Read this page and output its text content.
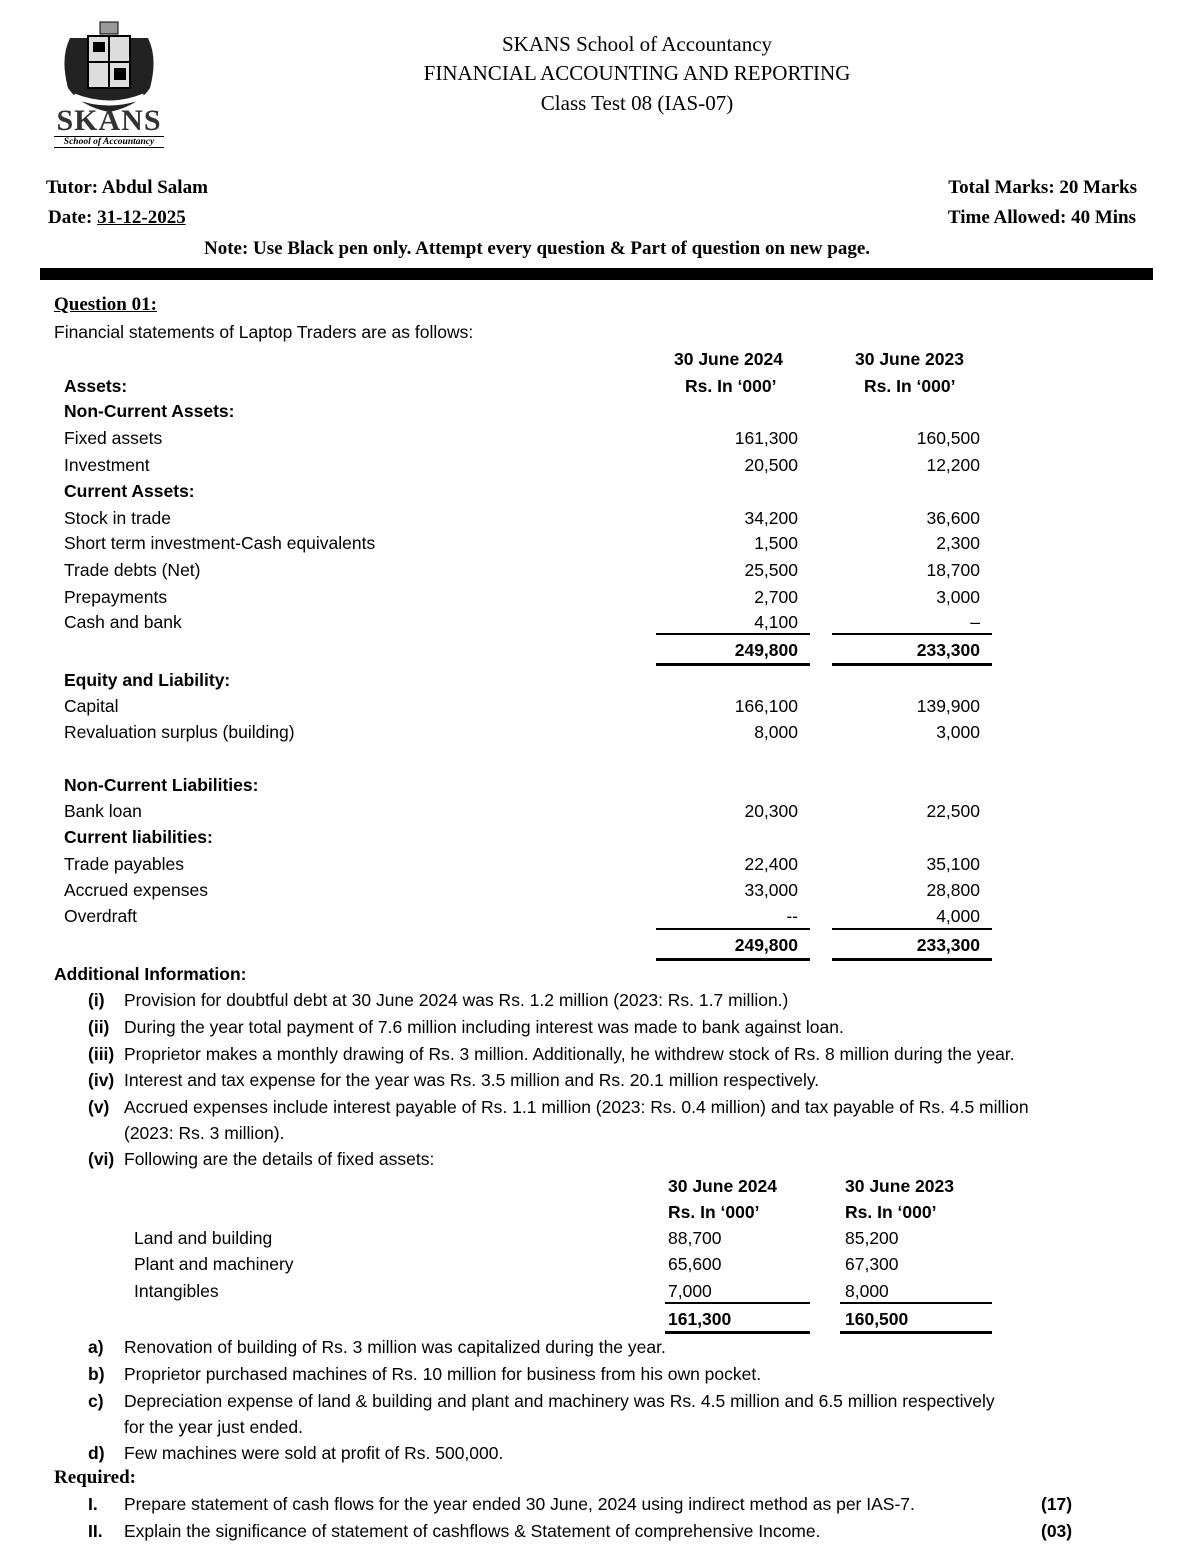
SKANS
School of Accountancy
SKANS School of Accountancy
FINANCIAL ACCOUNTING AND REPORTING
Class Test 08 (IAS-07)
Tutor: Abdul Salam
Date: 31-12-2025
Total Marks: 20 Marks
Time Allowed: 40 Mins
Note: Use Black pen only. Attempt every question & Part of question on new page.
Question 01:
Financial statements of Laptop Traders are as follows:
30 June 2024	30 June 2023
Assets:	Rs. In ‘000’	Rs. In ‘000’
Non-Current Assets:
Fixed assets	161,300	160,500
Investment	20,500	12,200
Current Assets:
Stock in trade	34,200	36,600
Short term investment-Cash equivalents	1,500	2,300
Trade debts (Net)	25,500	18,700
Prepayments	2,700	3,000
Cash and bank	4,100	–
249,800	233,300
Equity and Liability:
Capital	166,100	139,900
Revaluation surplus (building)	8,000	3,000
Non-Current Liabilities:
Bank loan	20,300	22,500
Current liabilities:
Trade payables	22,400	35,100
Accrued expenses	33,000	28,800
Overdraft	--	4,000
249,800	233,300
Additional Information:
(i) Provision for doubtful debt at 30 June 2024 was Rs. 1.2 million (2023: Rs. 1.7 million.)
(ii) During the year total payment of 7.6 million including interest was made to bank against loan.
(iii) Proprietor makes a monthly drawing of Rs. 3 million. Additionally, he withdrew stock of Rs. 8 million during the year.
(iv) Interest and tax expense for the year was Rs. 3.5 million and Rs. 20.1 million respectively.
(v) Accrued expenses include interest payable of Rs. 1.1 million (2023: Rs. 0.4 million) and tax payable of Rs. 4.5 million
(2023: Rs. 3 million).
(vi) Following are the details of fixed assets:
30 June 2024	30 June 2023
Rs. In ‘000’	Rs. In ‘000’
Land and building	88,700	85,200
Plant and machinery	65,600	67,300
Intangibles	7,000	8,000
161,300	160,500
a) Renovation of building of Rs. 3 million was capitalized during the year.
b) Proprietor purchased machines of Rs. 10 million for business from his own pocket.
c) Depreciation expense of land & building and plant and machinery was Rs. 4.5 million and 6.5 million respectively
for the year just ended.
d) Few machines were sold at profit of Rs. 500,000.
Required:
I. Prepare statement of cash flows for the year ended 30 June, 2024 using indirect method as per IAS-7.	(17)
II. Explain the significance of statement of cashflows & Statement of comprehensive Income.	(03)
